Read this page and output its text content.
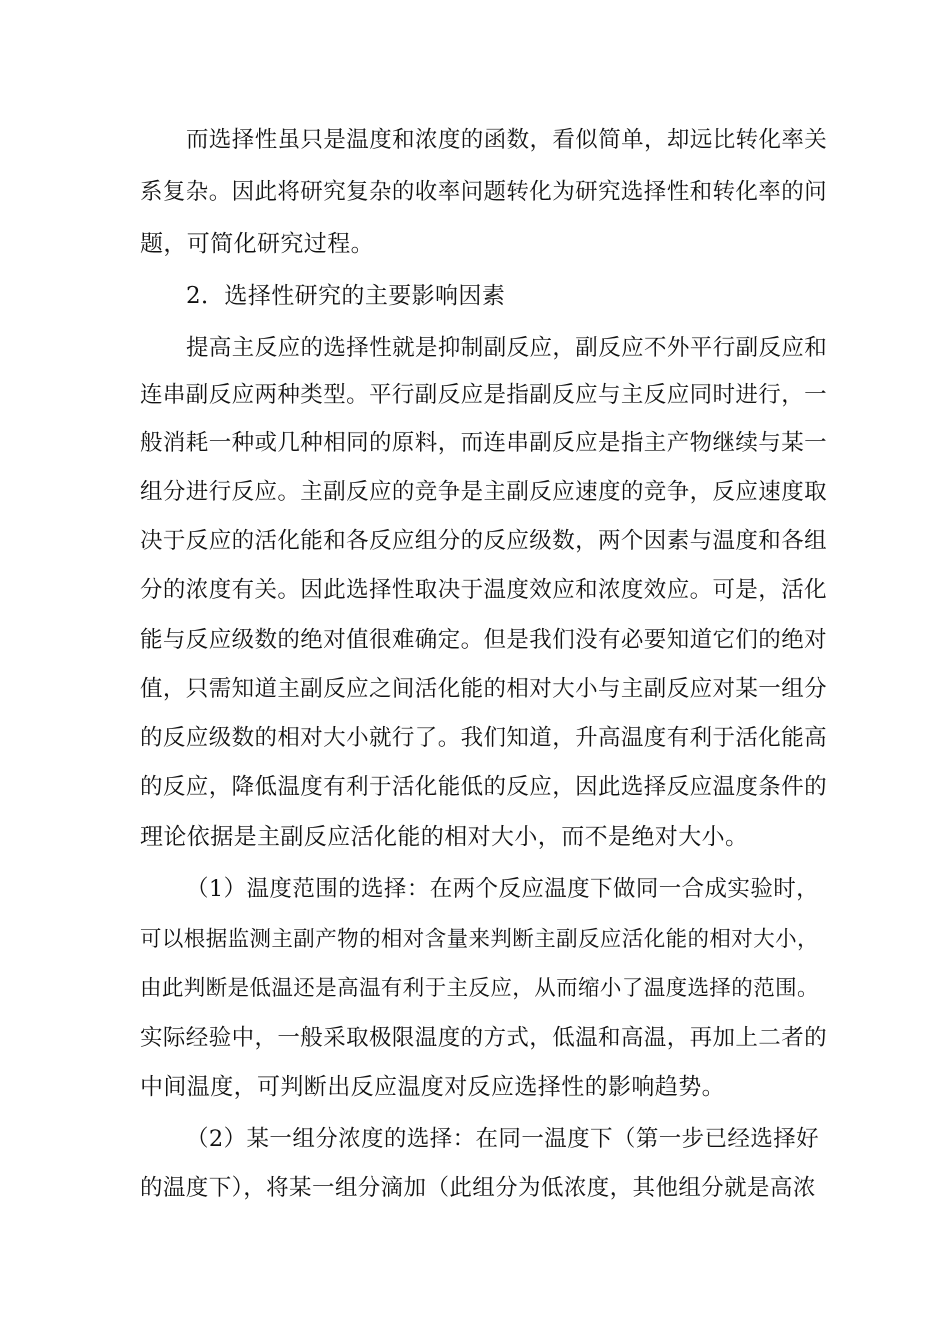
而选择性虽只是温度和浓度的函数，看似简单，却远比转化率关

系复杂。因此将研究复杂的收率问题转化为研究选择性和转化率的问

题，可简化研究过程。

2．选择性研究的主要影响因素

提高主反应的选择性就是抑制副反应，副反应不外平行副反应和

连串副反应两种类型。平行副反应是指副反应与主反应同时进行，一

般消耗一种或几种相同的原料，而连串副反应是指主产物继续与某一

组分进行反应。主副反应的竞争是主副反应速度的竞争，反应速度取

决于反应的活化能和各反应组分的反应级数，两个因素与温度和各组

分的浓度有关。因此选择性取决于温度效应和浓度效应。可是，活化

能与反应级数的绝对值很难确定。但是我们没有必要知道它们的绝对

值，只需知道主副反应之间活化能的相对大小与主副反应对某一组分

的反应级数的相对大小就行了。我们知道，升高温度有利于活化能高

的反应，降低温度有利于活化能低的反应，因此选择反应温度条件的

理论依据是主副反应活化能的相对大小，而不是绝对大小。

（1）温度范围的选择：在两个反应温度下做同一合成实验时，

可以根据监测主副产物的相对含量来判断主副反应活化能的相对大小，

由此判断是低温还是高温有利于主反应，从而缩小了温度选择的范围。

实际经验中，一般采取极限温度的方式，低温和高温，再加上二者的

中间温度，可判断出反应温度对反应选择性的影响趋势。

（2）某一组分浓度的选择：在同一温度下（第一步已经选择好

的温度下），将某一组分滴加（此组分为低浓度，其他组分就是高浓
